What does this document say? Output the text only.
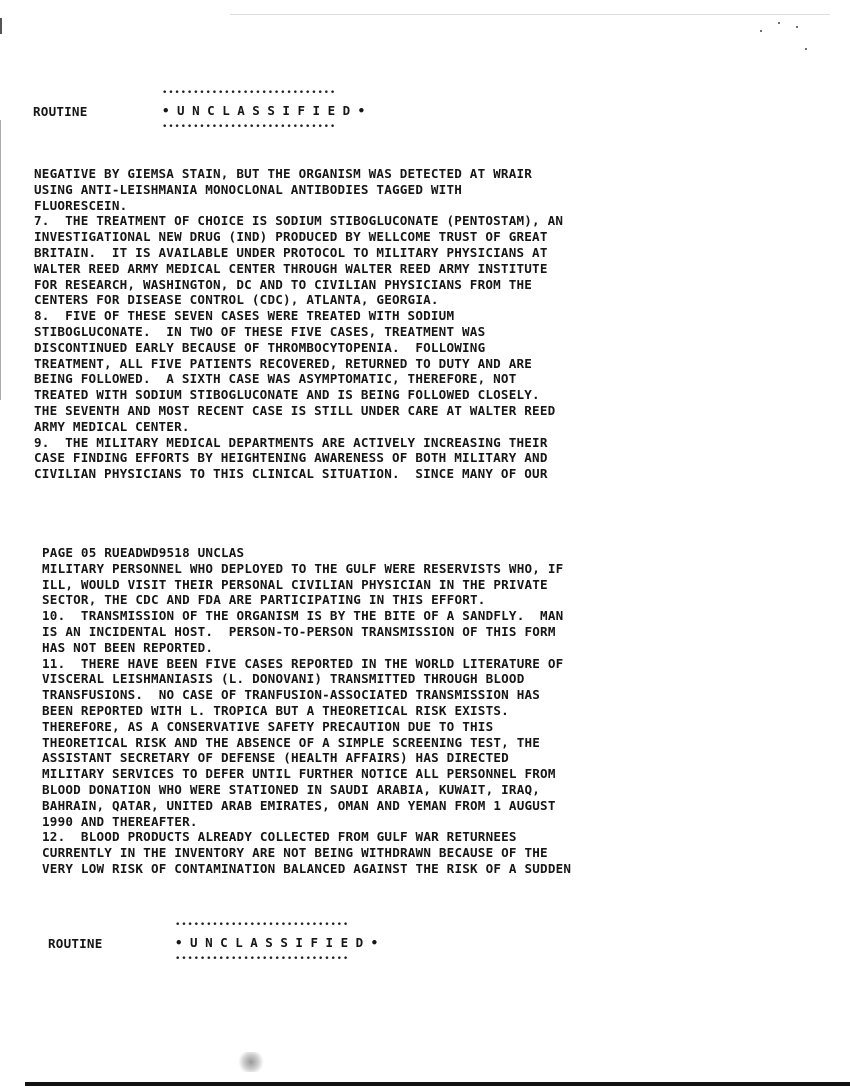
ROUTINE
••••••••••••••••••••••••••••
• U N C L A S S I F I E D •
••••••••••••••••••••••••••••
NEGATIVE BY GIEMSA STAIN, BUT THE ORGANISM WAS DETECTED AT WRAIR
USING ANTI-LEISHMANIA MONOCLONAL ANTIBODIES TAGGED WITH
FLUORESCEIN.
7.  THE TREATMENT OF CHOICE IS SODIUM STIBOGLUCONATE (PENTOSTAM), AN
INVESTIGATIONAL NEW DRUG (IND) PRODUCED BY WELLCOME TRUST OF GREAT
BRITAIN.  IT IS AVAILABLE UNDER PROTOCOL TO MILITARY PHYSICIANS AT
WALTER REED ARMY MEDICAL CENTER THROUGH WALTER REED ARMY INSTITUTE
FOR RESEARCH, WASHINGTON, DC AND TO CIVILIAN PHYSICIANS FROM THE
CENTERS FOR DISEASE CONTROL (CDC), ATLANTA, GEORGIA.
8.  FIVE OF THESE SEVEN CASES WERE TREATED WITH SODIUM
STIBOGLUCONATE.  IN TWO OF THESE FIVE CASES, TREATMENT WAS
DISCONTINUED EARLY BECAUSE OF THROMBOCYTOPENIA.  FOLLOWING
TREATMENT, ALL FIVE PATIENTS RECOVERED, RETURNED TO DUTY AND ARE
BEING FOLLOWED.  A SIXTH CASE WAS ASYMPTOMATIC, THEREFORE, NOT
TREATED WITH SODIUM STIBOGLUCONATE AND IS BEING FOLLOWED CLOSELY.
THE SEVENTH AND MOST RECENT CASE IS STILL UNDER CARE AT WALTER REED
ARMY MEDICAL CENTER.
9.  THE MILITARY MEDICAL DEPARTMENTS ARE ACTIVELY INCREASING THEIR
CASE FINDING EFFORTS BY HEIGHTENING AWARENESS OF BOTH MILITARY AND
CIVILIAN PHYSICIANS TO THIS CLINICAL SITUATION.  SINCE MANY OF OUR
PAGE 05 RUEADWD9518 UNCLAS
MILITARY PERSONNEL WHO DEPLOYED TO THE GULF WERE RESERVISTS WHO, IF
ILL, WOULD VISIT THEIR PERSONAL CIVILIAN PHYSICIAN IN THE PRIVATE
SECTOR, THE CDC AND FDA ARE PARTICIPATING IN THIS EFFORT.
10.  TRANSMISSION OF THE ORGANISM IS BY THE BITE OF A SANDFLY.  MAN
IS AN INCIDENTAL HOST.  PERSON-TO-PERSON TRANSMISSION OF THIS FORM
HAS NOT BEEN REPORTED.
11.  THERE HAVE BEEN FIVE CASES REPORTED IN THE WORLD LITERATURE OF
VISCERAL LEISHMANIASIS (L. DONOVANI) TRANSMITTED THROUGH BLOOD
TRANSFUSIONS.  NO CASE OF TRANFUSION-ASSOCIATED TRANSMISSION HAS
BEEN REPORTED WITH L. TROPICA BUT A THEORETICAL RISK EXISTS.
THEREFORE, AS A CONSERVATIVE SAFETY PRECAUTION DUE TO THIS
THEORETICAL RISK AND THE ABSENCE OF A SIMPLE SCREENING TEST, THE
ASSISTANT SECRETARY OF DEFENSE (HEALTH AFFAIRS) HAS DIRECTED
MILITARY SERVICES TO DEFER UNTIL FURTHER NOTICE ALL PERSONNEL FROM
BLOOD DONATION WHO WERE STATIONED IN SAUDI ARABIA, KUWAIT, IRAQ,
BAHRAIN, QATAR, UNITED ARAB EMIRATES, OMAN AND YEMAN FROM 1 AUGUST
1990 AND THEREAFTER.
12.  BLOOD PRODUCTS ALREADY COLLECTED FROM GULF WAR RETURNEES
CURRENTLY IN THE INVENTORY ARE NOT BEING WITHDRAWN BECAUSE OF THE
VERY LOW RISK OF CONTAMINATION BALANCED AGAINST THE RISK OF A SUDDEN
ROUTINE
••••••••••••••••••••••••••••
• U N C L A S S I F I E D •
••••••••••••••••••••••••••••
